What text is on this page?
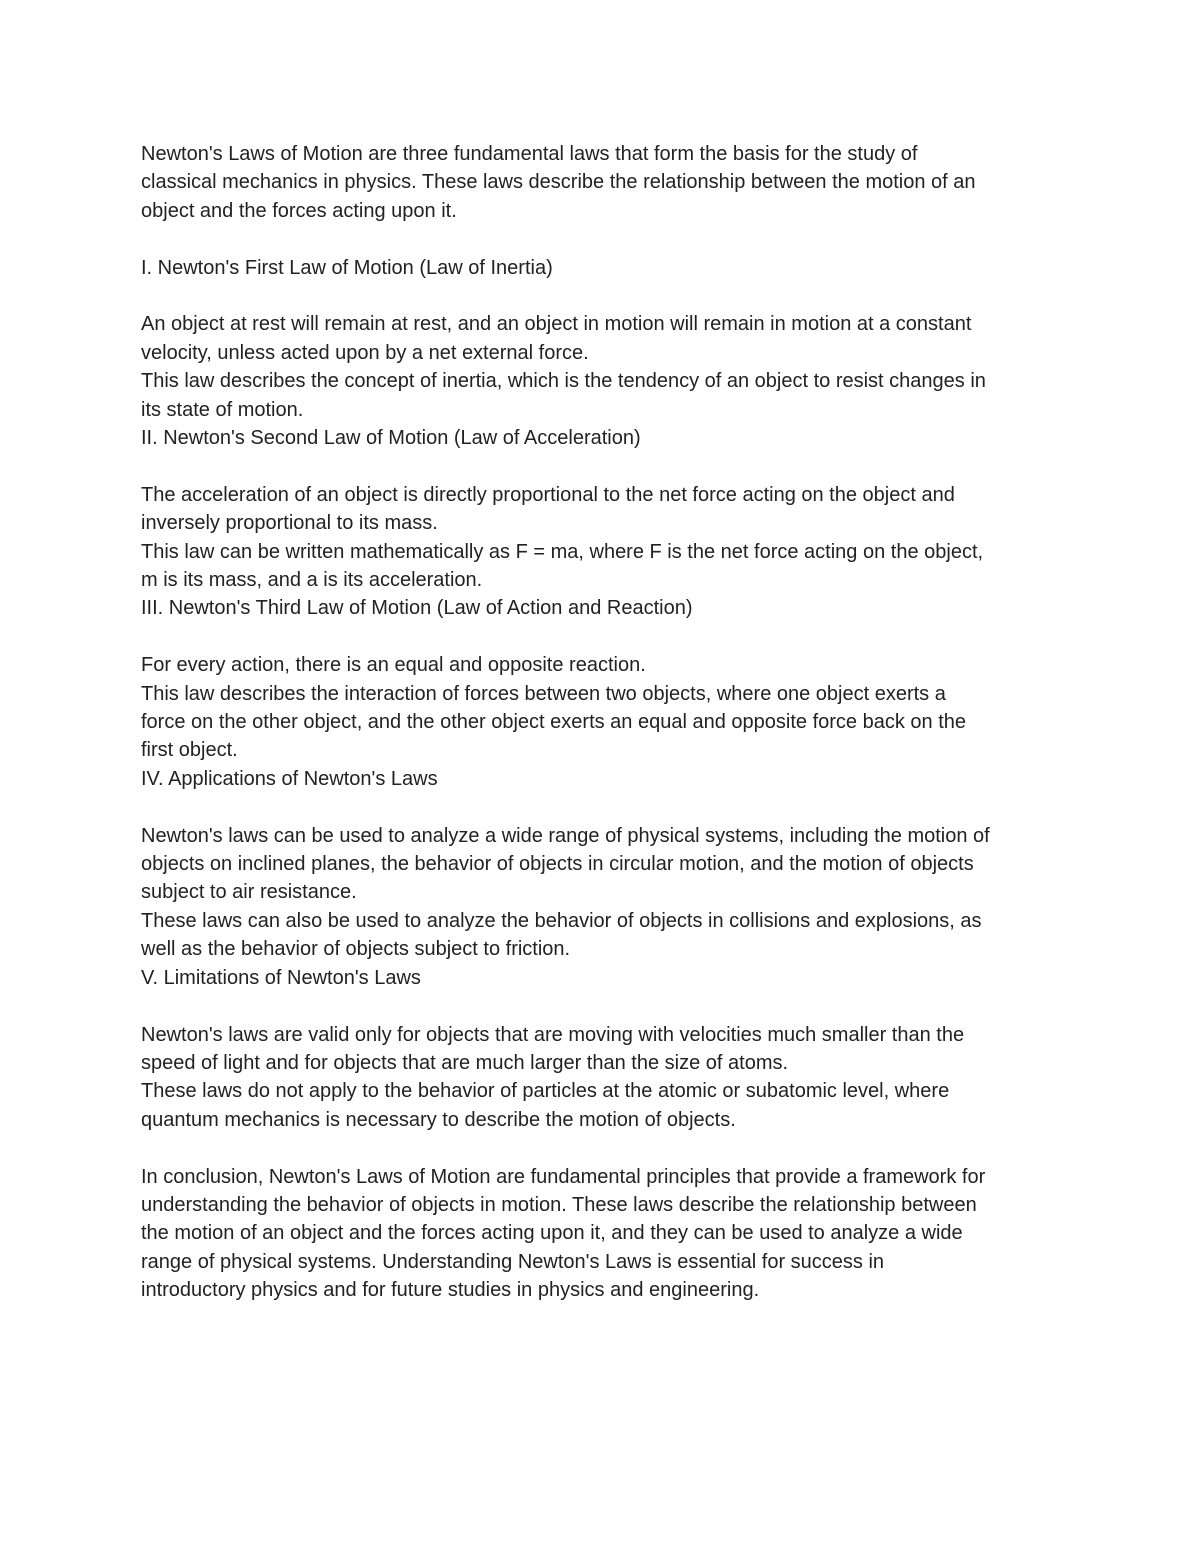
Newton's Laws of Motion are three fundamental laws that form the basis for the study of
classical mechanics in physics. These laws describe the relationship between the motion of an
object and the forces acting upon it.
I. Newton's First Law of Motion (Law of Inertia)
An object at rest will remain at rest, and an object in motion will remain in motion at a constant
velocity, unless acted upon by a net external force.
This law describes the concept of inertia, which is the tendency of an object to resist changes in
its state of motion.
II. Newton's Second Law of Motion (Law of Acceleration)
The acceleration of an object is directly proportional to the net force acting on the object and
inversely proportional to its mass.
This law can be written mathematically as F = ma, where F is the net force acting on the object,
m is its mass, and a is its acceleration.
III. Newton's Third Law of Motion (Law of Action and Reaction)
For every action, there is an equal and opposite reaction.
This law describes the interaction of forces between two objects, where one object exerts a
force on the other object, and the other object exerts an equal and opposite force back on the
first object.
IV. Applications of Newton's Laws
Newton's laws can be used to analyze a wide range of physical systems, including the motion of
objects on inclined planes, the behavior of objects in circular motion, and the motion of objects
subject to air resistance.
These laws can also be used to analyze the behavior of objects in collisions and explosions, as
well as the behavior of objects subject to friction.
V. Limitations of Newton's Laws
Newton's laws are valid only for objects that are moving with velocities much smaller than the
speed of light and for objects that are much larger than the size of atoms.
These laws do not apply to the behavior of particles at the atomic or subatomic level, where
quantum mechanics is necessary to describe the motion of objects.
In conclusion, Newton's Laws of Motion are fundamental principles that provide a framework for
understanding the behavior of objects in motion. These laws describe the relationship between
the motion of an object and the forces acting upon it, and they can be used to analyze a wide
range of physical systems. Understanding Newton's Laws is essential for success in
introductory physics and for future studies in physics and engineering.
